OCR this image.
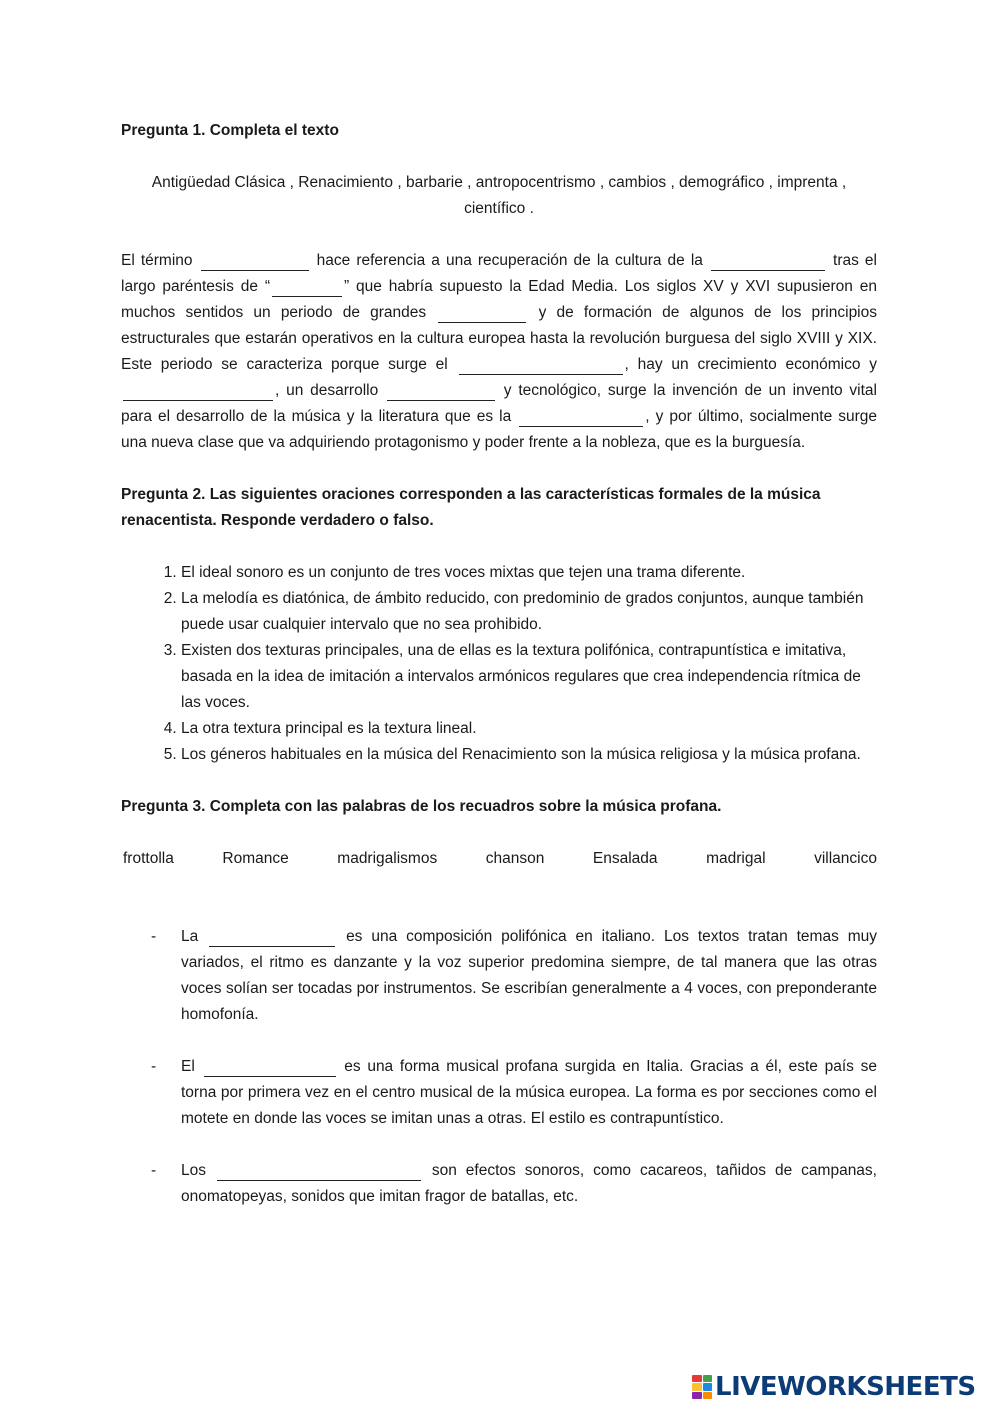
Pregunta 1. Completa el texto

Antigüedad Clásica , Renacimiento , barbarie , antropocentrismo , cambios , demográfico , imprenta , científico .
El término	hace referencia a una recuperación de la cultura de la	tras el largo paréntesis de “	” que habría supuesto la Edad Media. Los siglos XV y XVI supusieron en muchos sentidos un periodo de grandes	y de formación de algunos de los principios estructurales que estarán operativos en la cultura europea hasta la revolución burguesa del siglo XVIII y XIX. Este periodo se caracteriza porque surge el	, hay un crecimiento económico y , un desarrollo	y tecnológico, surge la invención de un invento vital para el desarrollo de la música y la literatura que es la	, y por último, socialmente surge una nueva clase que va adquiriendo protagonismo y poder frente a la nobleza, que es la burguesía.

Pregunta 2. Las siguientes oraciones corresponden a las características formales de la música renacentista. Responde verdadero o falso.

1. El ideal sonoro es un conjunto de tres voces mixtas que tejen una trama diferente.
2. La melodía es diatónica, de ámbito reducido, con predominio de grados conjuntos, aunque también puede usar cualquier intervalo que no sea prohibido.
3. Existen dos texturas principales, una de ellas es la textura polifónica, contrapuntística e imitativa, basada en la idea de imitación a intervalos armónicos regulares que crea independencia rítmica de las voces.
4. La otra textura principal es la textura lineal.
5. Los géneros habituales en la música del Renacimiento son la música religiosa y la música profana.

Pregunta 3. Completa con las palabras de los recuadros sobre la música profana.

frottolla	Romance	madrigalismos	chanson	Ensalada	madrigal	villancico
-	La	es una composición polifónica en italiano. Los textos tratan temas muy variados, el ritmo es danzante y la voz superior predomina siempre, de tal manera que las otras voces solían ser tocadas por instrumentos. Se escribían generalmente a 4 voces, con preponderante homofonía.
-	El	es una forma musical profana surgida en Italia. Gracias a él, este país se torna por primera vez en el centro musical de la música europea. La forma es por secciones como el motete en donde las voces se imitan unas a otras. El estilo es contrapuntístico.
-	Los	son efectos sonoros, como cacareos, tañidos de campanas, onomatopeyas, sonidos que imitan fragor de batallas, etc.
LIVEWORKSHEETS
